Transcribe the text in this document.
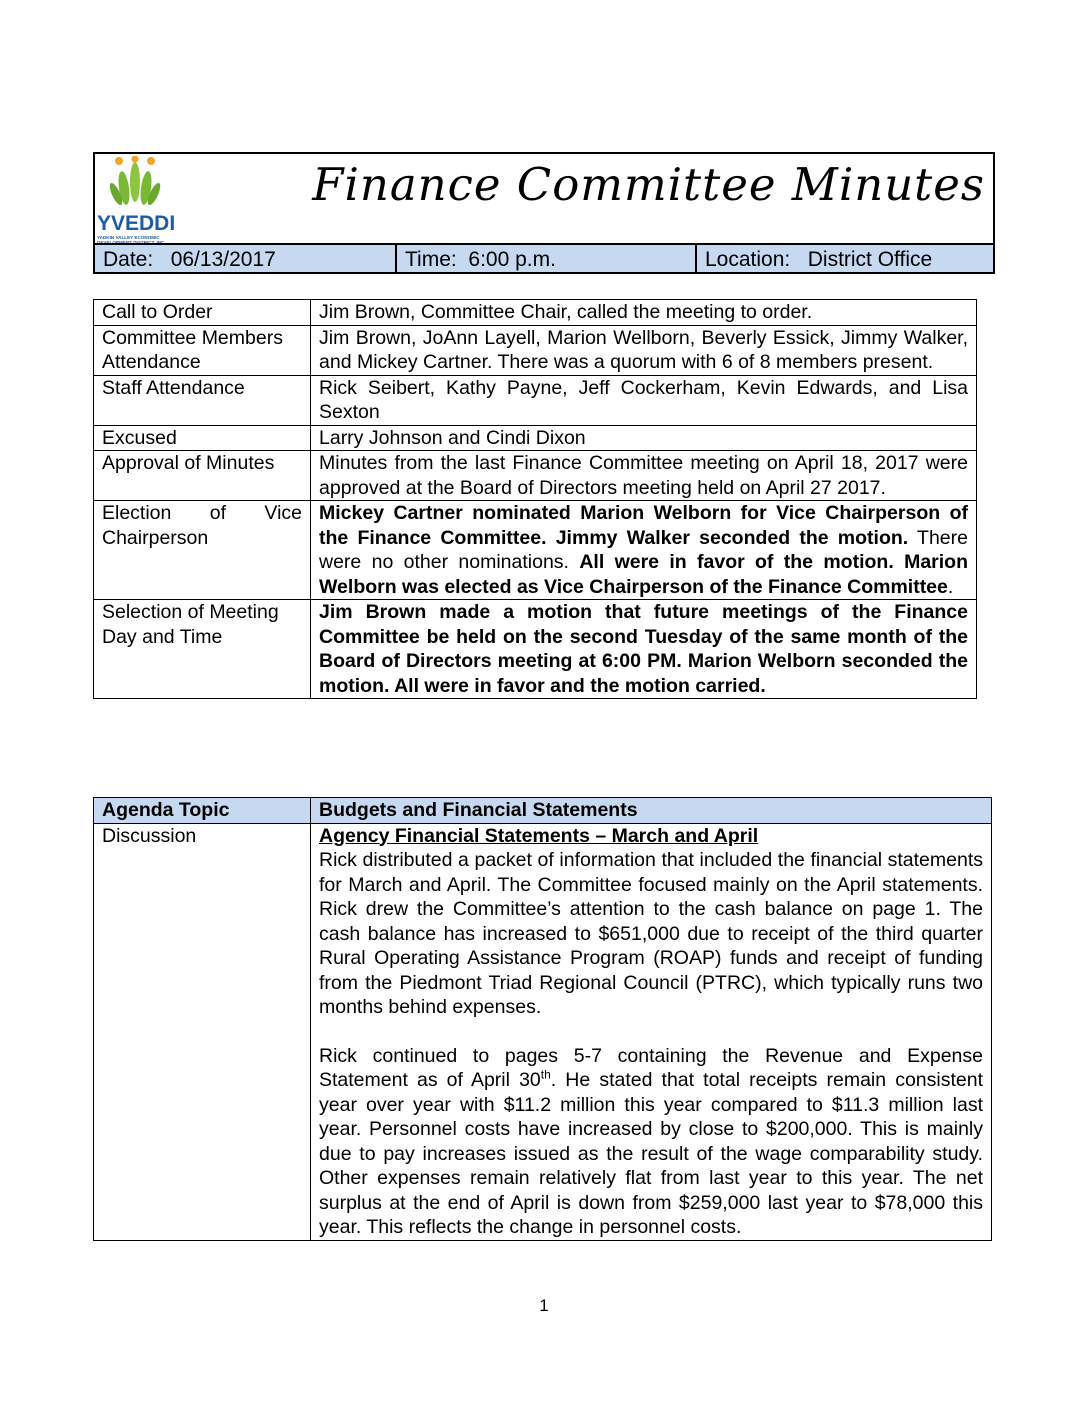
YVEDDI
YADKIN VALLEY ECONOMIC
Finance Committee Minutes
Date:   06/13/2017	Time:  6:00 p.m.	Location:   District Office
Call to Order	Jim Brown, Committee Chair, called the meeting to order.
Committee Members Attendance	Jim Brown, JoAnn Layell, Marion Wellborn, Beverly Essick, Jimmy Walker, and Mickey Cartner. There was a quorum with 6 of 8 members present.
Staff Attendance	Rick Seibert, Kathy Payne, Jeff Cockerham, Kevin Edwards, and Lisa Sexton
Excused	Larry Johnson and Cindi Dixon
Approval of Minutes	Minutes from the last Finance Committee meeting on April 18, 2017 were approved at the Board of Directors meeting held on April 27 2017.
Election of Vice Chairperson	Mickey Cartner nominated Marion Welborn for Vice Chairperson of the Finance Committee. Jimmy Walker seconded the motion. There were no other nominations. All were in favor of the motion. Marion Welborn was elected as Vice Chairperson of the Finance Committee.
Selection of Meeting Day and Time	Jim Brown made a motion that future meetings of the Finance Committee be held on the second Tuesday of the same month of the Board of Directors meeting at 6:00 PM. Marion Welborn seconded the motion. All were in favor and the motion carried.
Agenda Topic	Budgets and Financial Statements
Discussion	Agency Financial Statements – March and April
Rick distributed a packet of information that included the financial statements for March and April. The Committee focused mainly on the April statements. Rick drew the Committee’s attention to the cash balance on page 1. The cash balance has increased to $651,000 due to receipt of the third quarter Rural Operating Assistance Program (ROAP) funds and receipt of funding from the Piedmont Triad Regional Council (PTRC), which typically runs two months behind expenses.
Rick continued to pages 5-7 containing the Revenue and Expense Statement as of April 30th. He stated that total receipts remain consistent year over year with $11.2 million this year compared to $11.3 million last year. Personnel costs have increased by close to $200,000. This is mainly due to pay increases issued as the result of the wage comparability study. Other expenses remain relatively flat from last year to this year. The net surplus at the end of April is down from $259,000 last year to $78,000 this year. This reflects the change in personnel costs.
1
